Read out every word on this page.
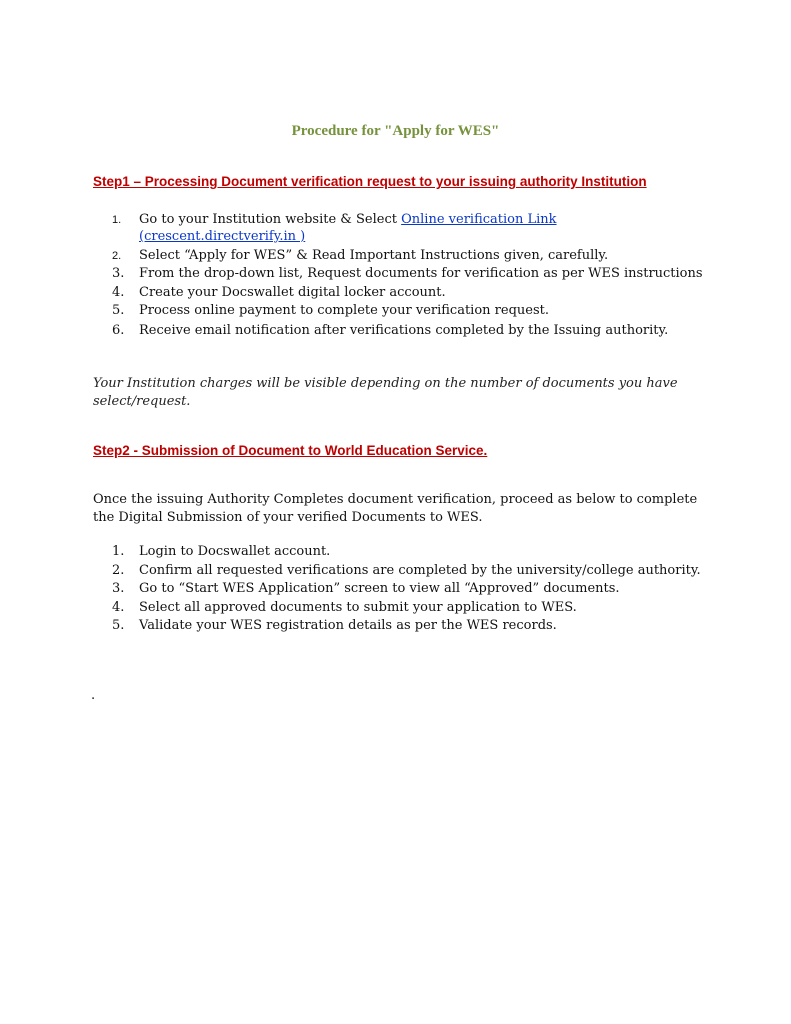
Procedure for "Apply for WES"
Step1 – Processing Document verification request to your issuing authority Institution
1.	Go to your Institution website & Select Online verification Link
(crescent.directverify.in )
2.	Select “Apply for WES” & Read Important Instructions given, carefully.
3.	From the drop-down list, Request documents for verification as per WES instructions
4.	Create your Docswallet digital locker account.
5.	Process online payment to complete your verification request.
6.	Receive email notification after verifications completed by the Issuing authority.
Your Institution charges will be visible depending on the number of documents you have select/request.
Step2 - Submission of Document to World Education Service.
Once the issuing Authority Completes document verification, proceed as below to complete the Digital Submission of your verified Documents to WES.
1.	Login to Docswallet account.
2.	Confirm all requested verifications are completed by the university/college authority.
3.	Go to “Start WES Application” screen to view all “Approved” documents.
4.	Select all approved documents to submit your application to WES.
5.	Validate your WES registration details as per the WES records.
.
